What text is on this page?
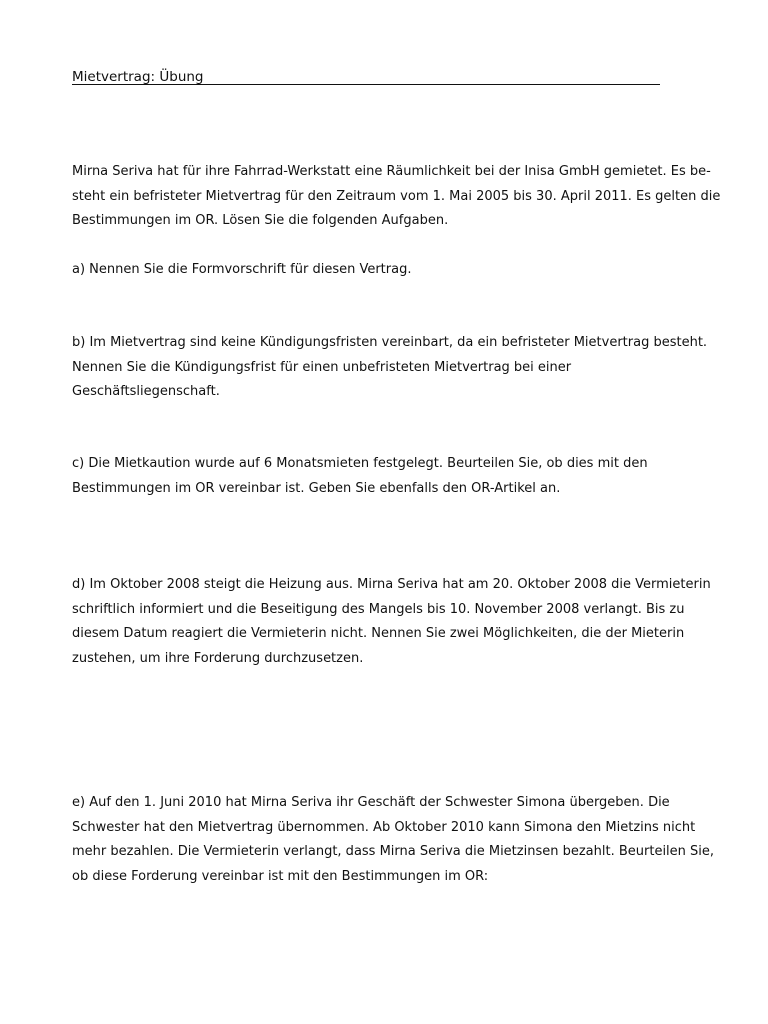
Mietvertrag: Übung
Mirna Seriva hat für ihre Fahrrad-Werkstatt eine Räumlichkeit bei der Inisa GmbH gemietet. Es be-
steht ein befristeter Mietvertrag für den Zeitraum vom 1. Mai 2005 bis 30. April 2011. Es gelten die
Bestimmungen im OR. Lösen Sie die folgenden Aufgaben.
a) Nennen Sie die Formvorschrift für diesen Vertrag.
b) Im Mietvertrag sind keine Kündigungsfristen vereinbart, da ein befristeter Mietvertrag besteht.
Nennen Sie die Kündigungsfrist für einen unbefristeten Mietvertrag bei einer
Geschäftsliegenschaft.
c) Die Mietkaution wurde auf 6 Monatsmieten festgelegt. Beurteilen Sie, ob dies mit den
Bestimmungen im OR vereinbar ist. Geben Sie ebenfalls den OR-Artikel an.
d) Im Oktober 2008 steigt die Heizung aus. Mirna Seriva hat am 20. Oktober 2008 die Vermieterin
schriftlich informiert und die Beseitigung des Mangels bis 10. November 2008 verlangt. Bis zu
diesem Datum reagiert die Vermieterin nicht. Nennen Sie zwei Möglichkeiten, die der Mieterin
zustehen, um ihre Forderung durchzusetzen.
e) Auf den 1. Juni 2010 hat Mirna Seriva ihr Geschäft der Schwester Simona übergeben. Die
Schwester hat den Mietvertrag übernommen. Ab Oktober 2010 kann Simona den Mietzins nicht
mehr bezahlen. Die Vermieterin verlangt, dass Mirna Seriva die Mietzinsen bezahlt. Beurteilen Sie,
ob diese Forderung vereinbar ist mit den Bestimmungen im OR:
